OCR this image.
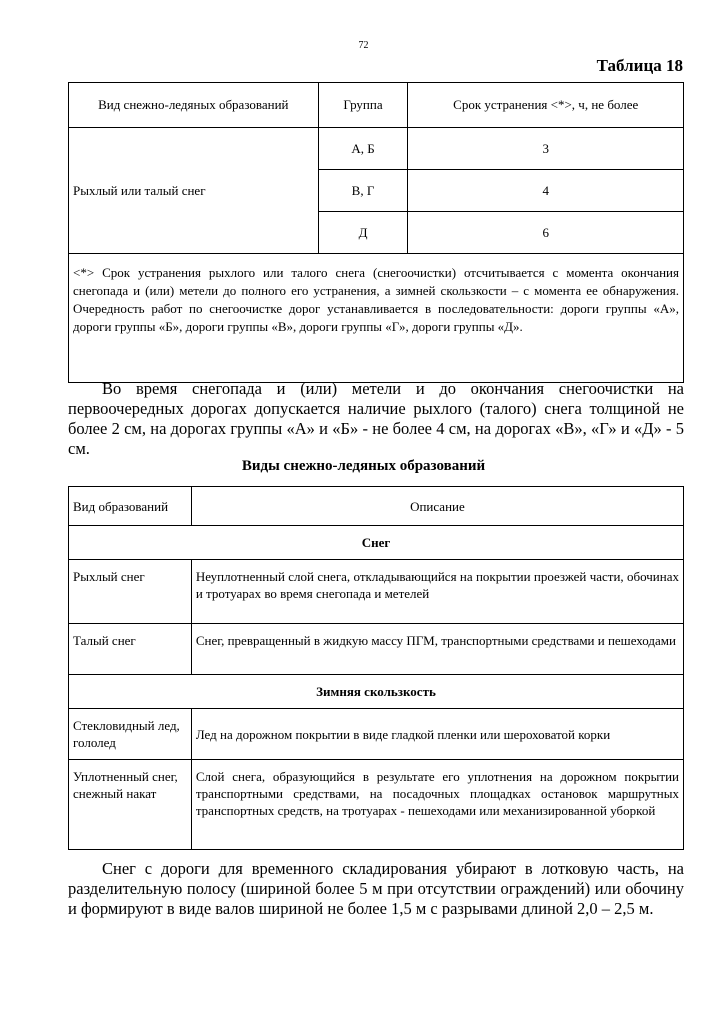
72
Таблица 18
Вид снежно-ледяных образований	Группа	Срок устранения <*>, ч, не более
Рыхлый или талый снег	А, Б	3
	В, Г	4
	Д	6
<*> Срок устранения рыхлого или талого снега (снегоочистки) отсчитывается с момента окончания снегопада и (или) метели до полного его устранения, а зимней скользкости – с момента ее обнаружения. Очередность работ по снегоочистке дорог устанавливается в последовательности: дороги группы «А», дороги группы «Б», дороги группы «В», дороги группы «Г», дороги группы «Д».		
Во время снегопада и (или) метели и до окончания снегоочистки на первоочередных дорогах допускается наличие рыхлого (талого) снега толщиной не более 2 см, на дорогах группы «А» и «Б» - не более 4 см, на дорогах «В», «Г» и «Д» - 5 см.
Виды снежно-ледяных образований
Вид образований	Описание
Снег	
Рыхлый снег	Неуплотненный слой снега, откладывающийся на покрытии проезжей части, обочинах и тротуарах во время снегопада и метелей
Талый снег	Снег, превращенный в жидкую массу ПГМ, транспортными средствами и пешеходами
Зимняя скользкость	
Стекловидный лед, гололед	Лед на дорожном покрытии в виде гладкой пленки или шероховатой корки
Уплотненный снег, снежный накат	Слой снега, образующийся в результате его уплотнения на дорожном покрытии транспортными средствами, на посадочных площадках остановок маршрутных транспортных средств, на тротуарах - пешеходами или механизированной уборкой
Снег с дороги для временного складирования убирают в лотковую часть, на разделительную полосу (шириной более 5 м при отсутствии ограждений) или обочину и формируют в виде валов шириной не более 1,5 м с разрывами длиной 2,0 – 2,5 м.
